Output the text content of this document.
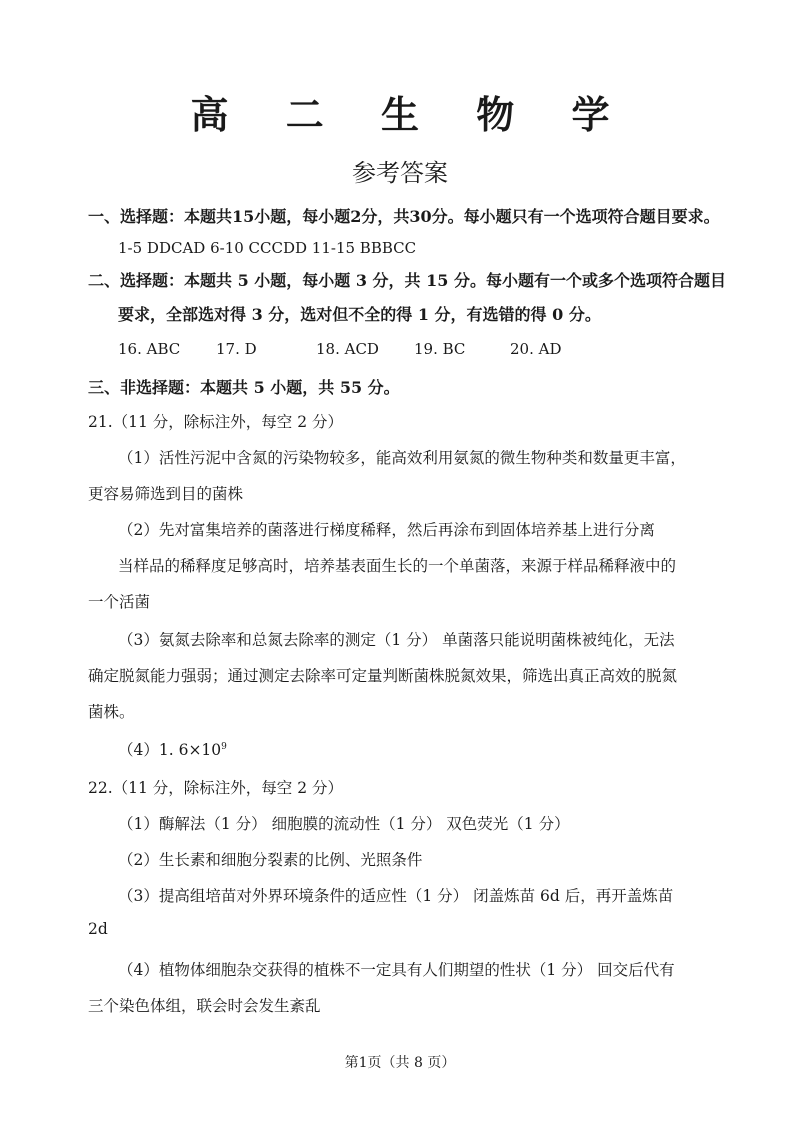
高 二 生 物 学
参考答案
一、选择题：本题共15小题，每小题2分，共30分。每小题只有一个选项符合题目要求。
1-5 DDCAD 6-10 CCCDD 11-15 BBBCC
二、选择题：本题共 5 小题，每小题 3 分，共 15 分。每小题有一个或多个选项符合题目
要求，全部选对得 3 分，选对但不全的得 1 分，有选错的得 0 分。
16. ABC 17. D	18. ACD 19. BC	20. AD
三、非选择题：本题共 5 小题，共 55 分。
21.（11 分，除标注外，每空 2 分）
（1）活性污泥中含氮的污染物较多，能高效利用氨氮的微生物种类和数量更丰富，
更容易筛选到目的菌株
（2）先对富集培养的菌落进行梯度稀释，然后再涂布到固体培养基上进行分离
当样品的稀释度足够高时，培养基表面生长的一个单菌落，来源于样品稀释液中的
一个活菌
（3）氨氮去除率和总氮去除率的测定（1 分） 单菌落只能说明菌株被纯化，无法
确定脱氮能力强弱；通过测定去除率可定量判断菌株脱氮效果，筛选出真正高效的脱氮
菌株。
（4）1. $6\times 10^9$
22.（11 分，除标注外，每空 2 分）
（1）酶解法（1 分） 细胞膜的流动性（1 分） 双色荧光（1 分）
（2）生长素和细胞分裂素的比例、光照条件
（3）提高组培苗对外界环境条件的适应性（1 分） 闭盖炼苗 6d 后，再开盖炼苗
2d
（4）植物体细胞杂交获得的植株不一定具有人们期望的性状（1 分） 回交后代有
三个染色体组，联会时会发生紊乱
第1页（共 8 页）
